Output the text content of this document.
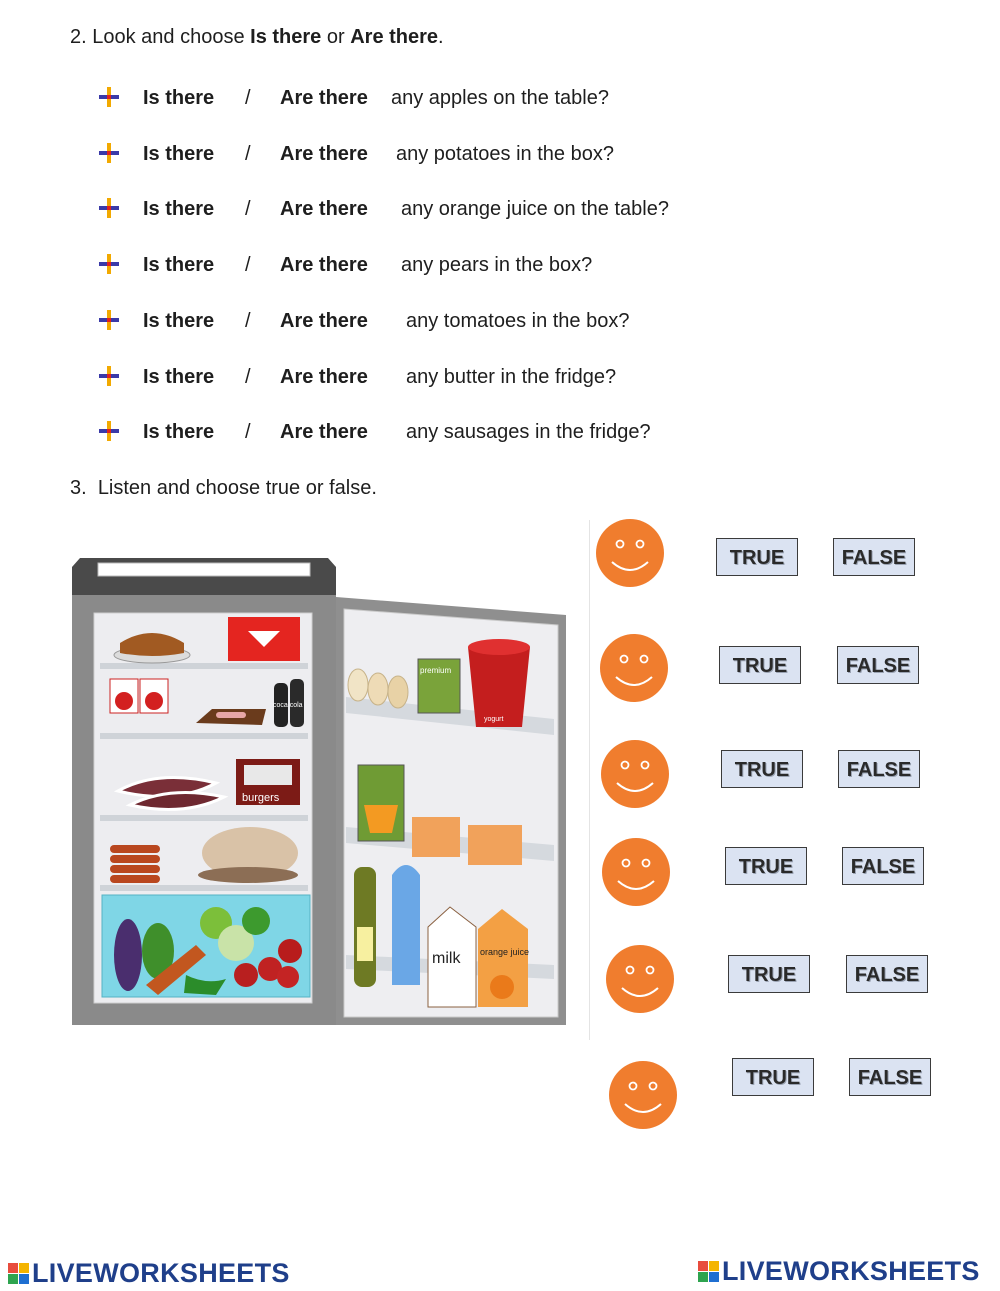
2. Look and choose Is there or Are there.
Is there / Are there any apples on the table?
Is there / Are there any potatoes in the box?
Is there / Are there any orange juice on the table?
Is there / Are there any pears in the box?
Is there / Are there any tomatoes in the box?
Is there / Are there any butter in the fridge?
Is there / Are there any sausages in the fridge?
3. Listen and choose true or false.
coca cola
burgers
premium
yogurt
milk orange juice
TRUE	FALSE
TRUE	FALSE
TRUE	FALSE
TRUE	FALSE
TRUE	FALSE
TRUE	FALSE
LIVEWORKSHEETS	LIVEWORKSHEETS
